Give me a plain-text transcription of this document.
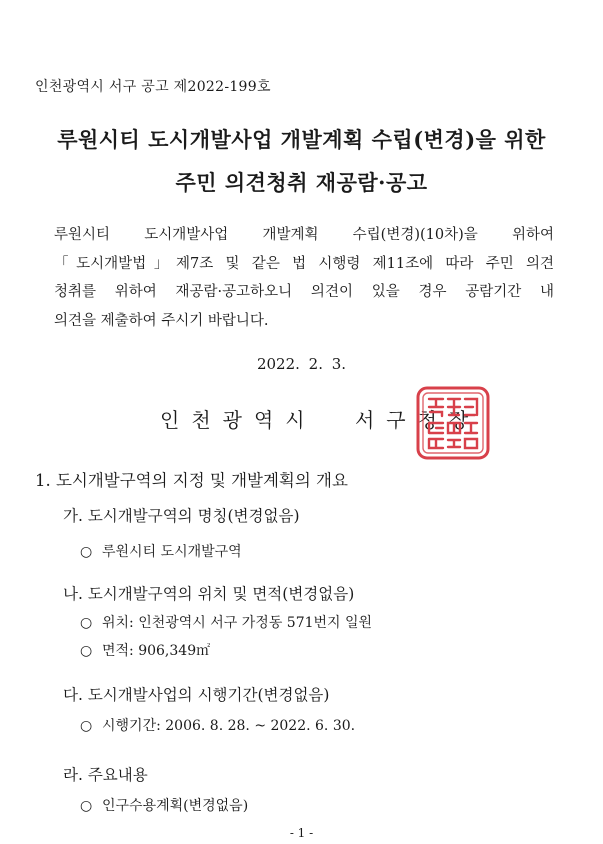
인천광역시 서구 공고 제2022-199호
루원시티 도시개발사업 개발계획 수립(변경)을 위한
주민 의견청취 재공람·공고
루원시티 도시개발사업 개발계획 수립(변경)(10차)을 위하여
「도시개발법」제7조 및 같은 법 시행령 제11조에 따라 주민 의견
청취를 위하여 재공람·공고하오니 의견이 있을 경우 공람기간 내
의견을 제출하여 주시기 바랍니다.
2022. 2. 3.
인천광역시 서구청장
1. 도시개발구역의 지정 및 개발계획의 개요
가. 도시개발구역의 명칭(변경없음)
○ 루원시티 도시개발구역
나. 도시개발구역의 위치 및 면적(변경없음)
○ 위치: 인천광역시 서구 가정동 571번지 일원
○ 면적: 906,349㎡
다. 도시개발사업의 시행기간(변경없음)
○ 시행기간: 2006. 8. 28. ~ 2022. 6. 30.
라. 주요내용
○ 인구수용계획(변경없음)
- 1 -
